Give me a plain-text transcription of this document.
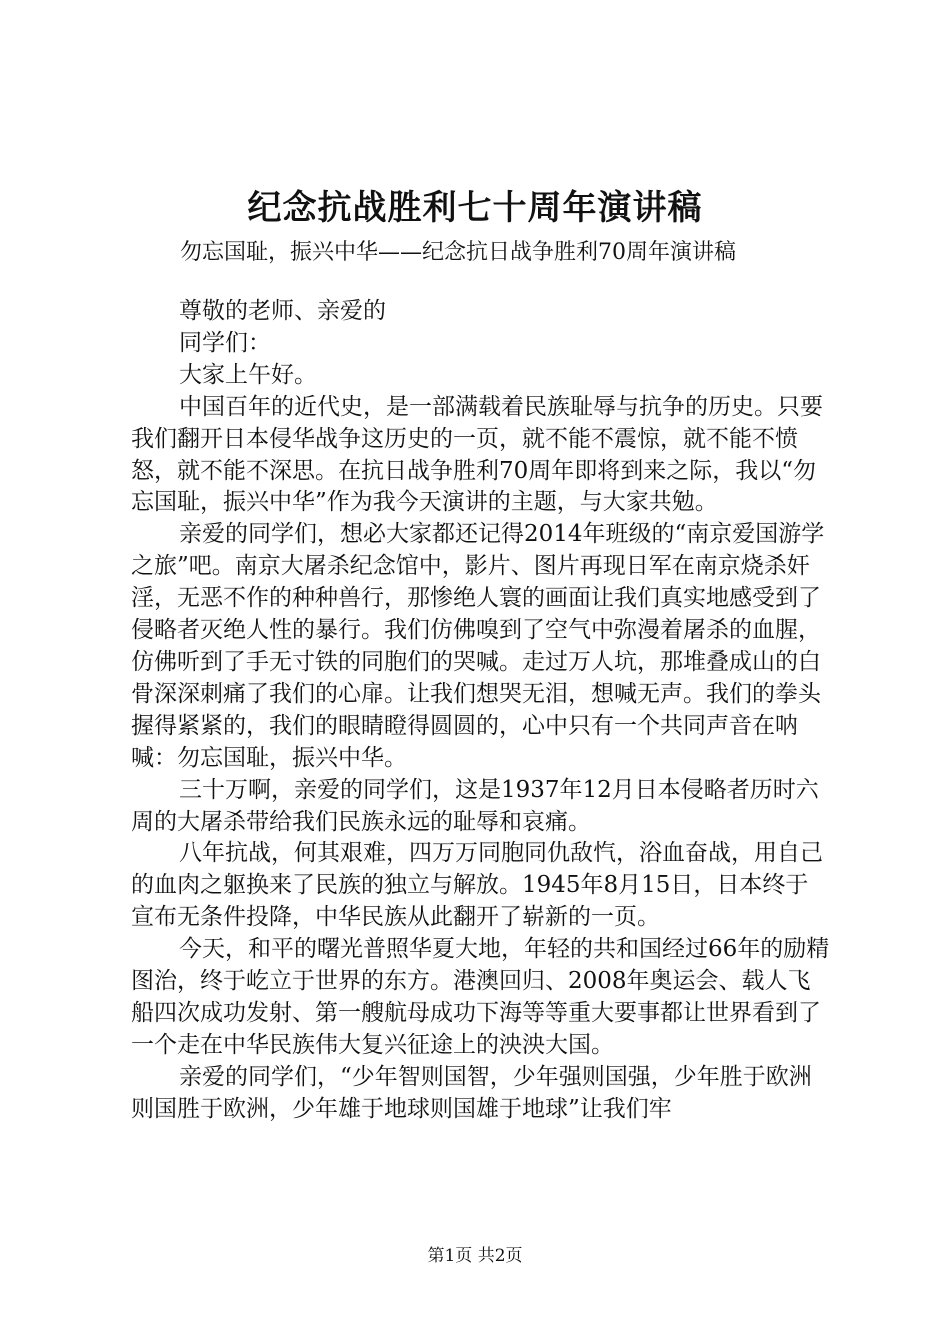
纪念抗战胜利七十周年演讲稿
勿忘国耻，振兴中华——纪念抗日战争胜利70周年演讲稿

尊敬的老师、亲爱的

同学们：

大家上午好。

中国百年的近代史，是一部满载着民族耻辱与抗争的历史。只要我们翻开日本侵华战争这历史的一页，就不能不震惊，就不能不愤怒，就不能不深思。在抗日战争胜利70周年即将到来之际，我以“勿忘国耻，振兴中华”作为我今天演讲的主题，与大家共勉。

亲爱的同学们，想必大家都还记得2014年班级的“南京爱国游学之旅”吧。南京大屠杀纪念馆中，影片、图片再现日军在南京烧杀奸淫，无恶不作的种种兽行，那惨绝人寰的画面让我们真实地感受到了侵略者灭绝人性的暴行。我们仿佛嗅到了空气中弥漫着屠杀的血腥，仿佛听到了手无寸铁的同胞们的哭喊。走过万人坑，那堆叠成山的白骨深深刺痛了我们的心扉。让我们想哭无泪，想喊无声。我们的拳头握得紧紧的，我们的眼睛瞪得圆圆的，心中只有一个共同声音在呐喊：勿忘国耻，振兴中华。

三十万啊，亲爱的同学们，这是1937年12月日本侵略者历时六周的大屠杀带给我们民族永远的耻辱和哀痛。

八年抗战，何其艰难，四万万同胞同仇敌忾，浴血奋战，用自己的血肉之躯换来了民族的独立与解放。1945年8月15日，日本终于宣布无条件投降，中华民族从此翻开了崭新的一页。

今天，和平的曙光普照华夏大地，年轻的共和国经过66年的励精图治，终于屹立于世界的东方。港澳回归、2008年奥运会、载人飞船四次成功发射、第一艘航母成功下海等等重大要事都让世界看到了一个走在中华民族伟大复兴征途上的泱泱大国。

亲爱的同学们，“少年智则国智，少年强则国强，少年胜于欧洲则国胜于欧洲，少年雄于地球则国雄于地球”让我们牢

第1页 共2页
